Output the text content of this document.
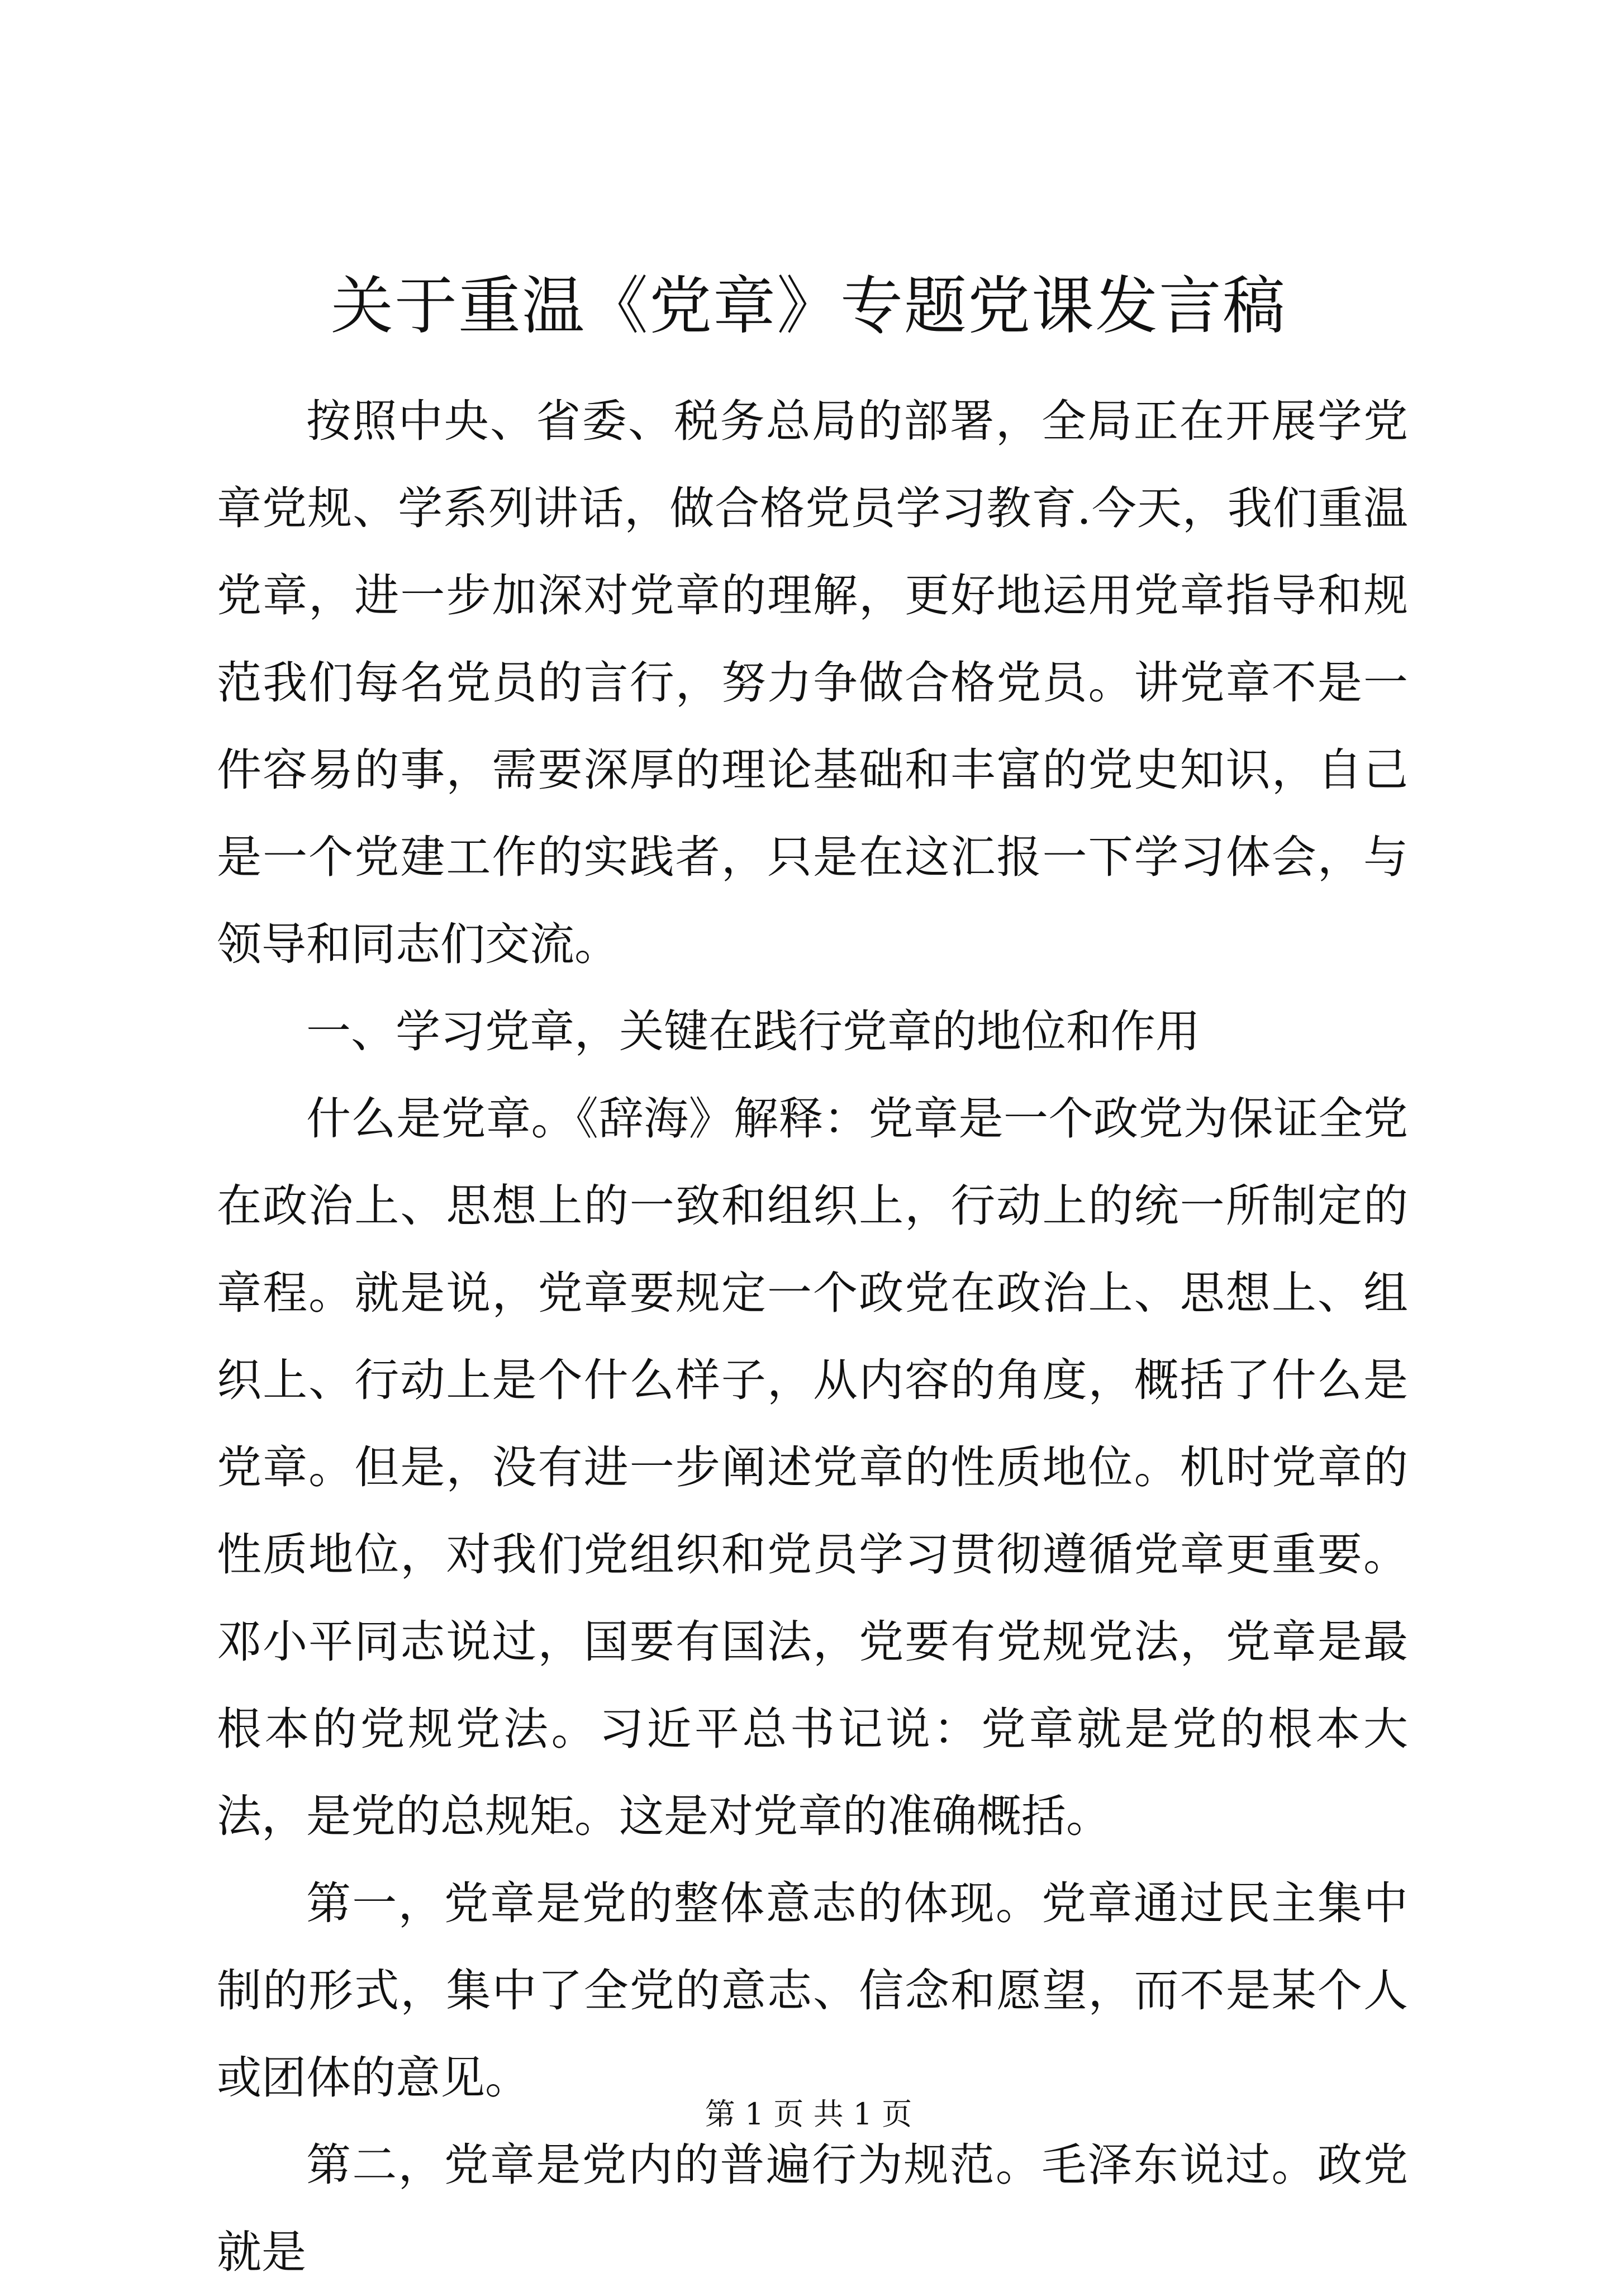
关于重温《党章》专题党课发言稿

按照中央、省委、税务总局的部署，全局正在开展学党章党规、学系列讲话，做合格党员学习教育.今天，我们重温党章，进一步加深对党章的理解，更好地运用党章指导和规范我们每名党员的言行，努力争做合格党员。讲党章不是一件容易的事，需要深厚的理论基础和丰富的党史知识，自己是一个党建工作的实践者，只是在这汇报一下学习体会，与领导和同志们交流。

一、学习党章，关键在践行党章的地位和作用

什么是党章。《辞海》解释：党章是一个政党为保证全党在政治上、思想上的一致和组织上，行动上的统一所制定的章程。就是说，党章要规定一个政党在政治上、思想上、组织上、行动上是个什么样子，从内容的角度，概括了什么是党章。但是，没有进一步阐述党章的性质地位。机时党章的性质地位，对我们党组织和党员学习贯彻遵循党章更重要。邓小平同志说过，国要有国法，党要有党规党法，党章是最根本的党规党法。习近平总书记说：党章就是党的根本大法，是党的总规矩。这是对党章的准确概括。

第一，党章是党的整体意志的体现。党章通过民主集中制的形式，集中了全党的意志、信念和愿望，而不是某个人或团体的意见。

第二，党章是党内的普遍行为规范。毛泽东说过。政党就是

第 1 页 共 1 页
